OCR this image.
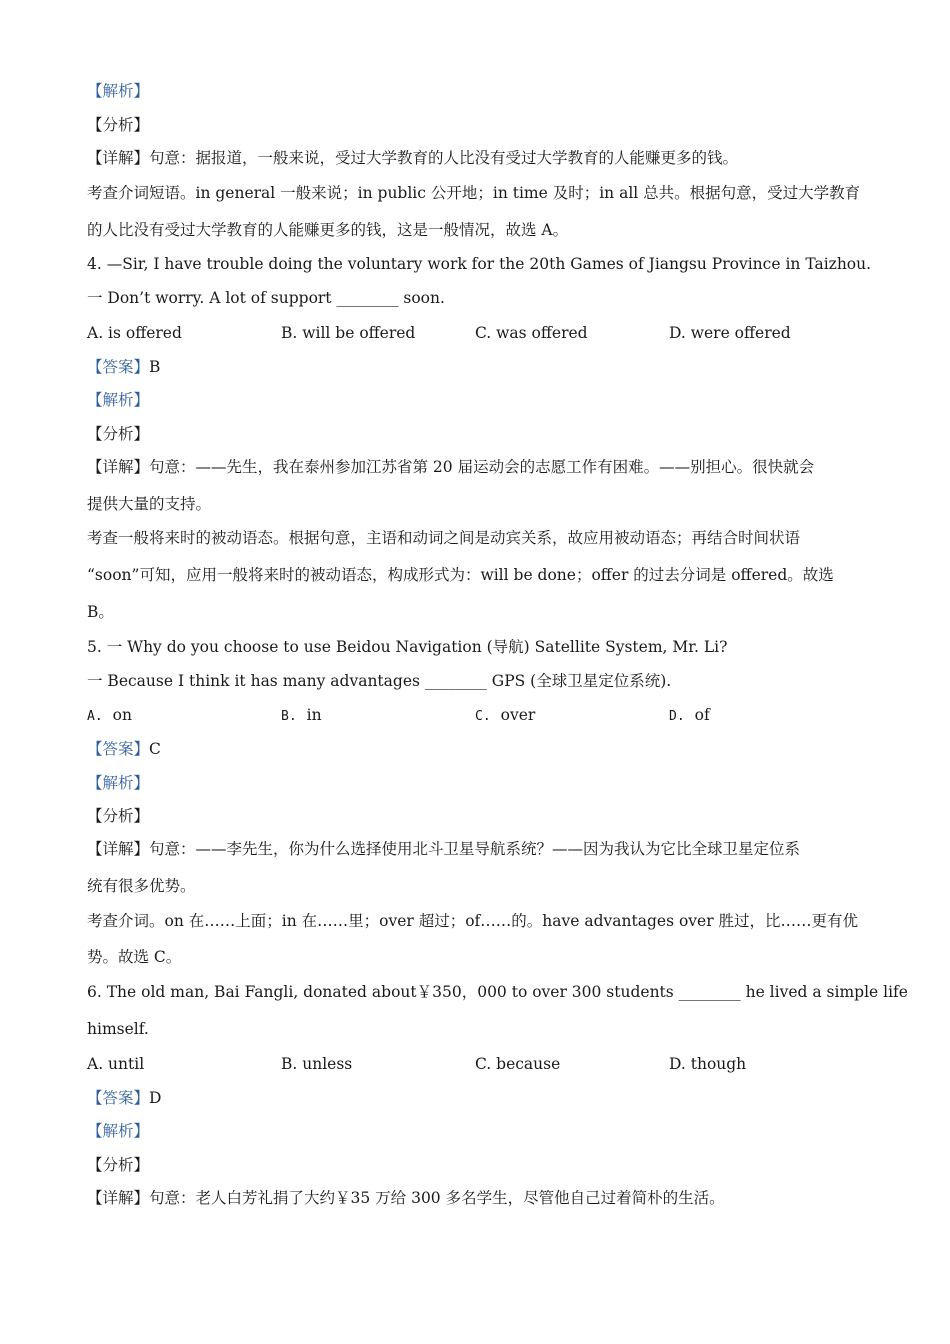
【解析】
【分析】
【详解】句意：据报道，一般来说，受过大学教育的人比没有受过大学教育的人能赚更多的钱。
考查介词短语。in general 一般来说；in public 公开地；in time 及时；in all 总共。根据句意，受过大学教育
的人比没有受过大学教育的人能赚更多的钱，这是一般情况，故选 A。
4. —Sir, I have trouble doing the voluntary work for the 20th Games of Jiangsu Province in Taizhou.
一 Don’t worry. A lot of support ________ soon.
A. is offered	B. will be offered	C. was offered	D. were offered
【答案】B
【解析】
【分析】
【详解】句意：——先生，我在泰州参加江苏省第 20 届运动会的志愿工作有困难。——别担心。很快就会
提供大量的支持。
考查一般将来时的被动语态。根据句意，主语和动词之间是动宾关系，故应用被动语态；再结合时间状语
“soon”可知，应用一般将来时的被动语态，构成形式为：will be done；offer 的过去分词是 offered。故选
B。
5. 一 Why do you choose to use Beidou Navigation (导航) Satellite System, Mr. Li?
一 Because I think it has many advantages ________ GPS (全球卫星定位系统).
A. on	B. in	C. over	D. of
【答案】C
【解析】
【分析】
【详解】句意：——李先生，你为什么选择使用北斗卫星导航系统？——因为我认为它比全球卫星定位系
统有很多优势。
考查介词。on 在……上面；in 在……里；over 超过；of……的。have advantages over 胜过，比……更有优
势。故选 C。
6. The old man, Bai Fangli, donated about￥350，000 to over 300 students ________ he lived a simple life
himself.
A. until	B. unless	C. because	D. though
【答案】D
【解析】
【分析】
【详解】句意：老人白芳礼捐了大约￥35 万给 300 多名学生，尽管他自己过着简朴的生活。
